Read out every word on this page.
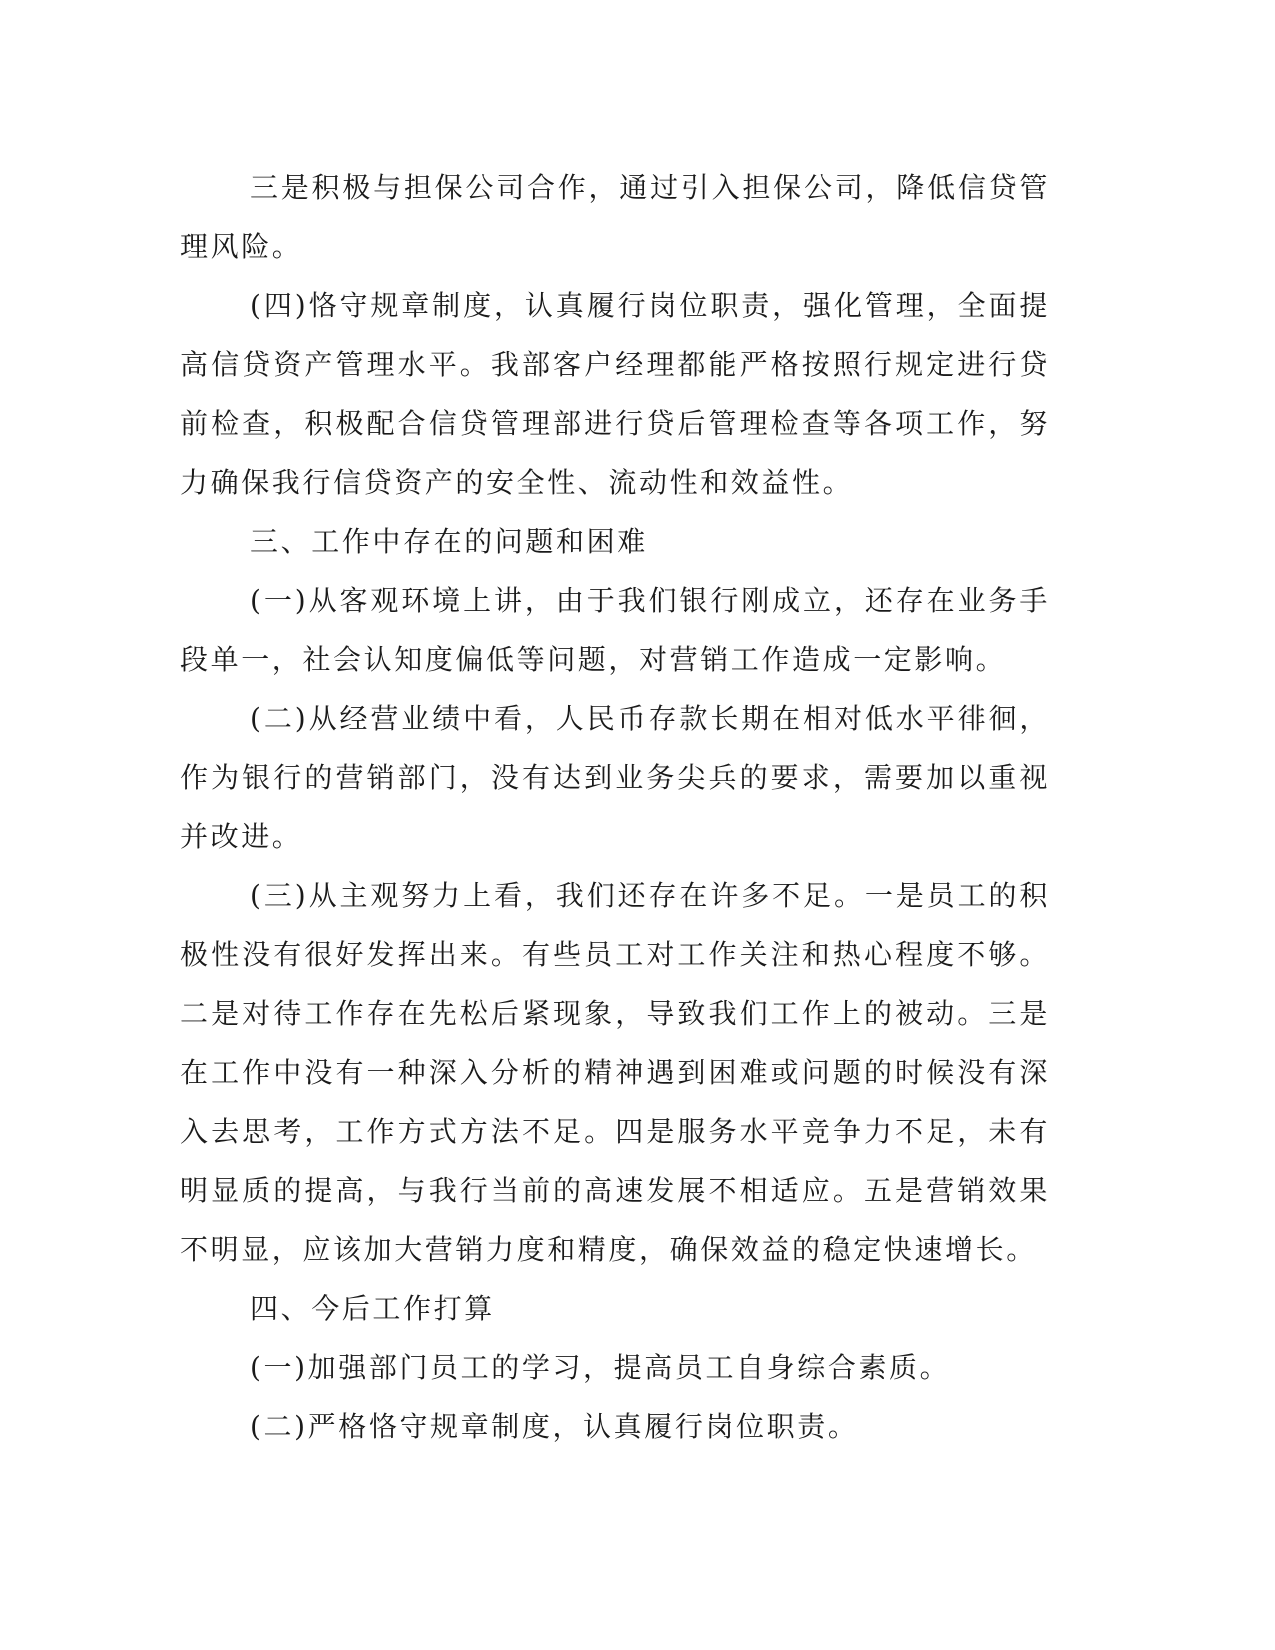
三是积极与担保公司合作，通过引入担保公司，降低信贷管理风险。

(四)恪守规章制度，认真履行岗位职责，强化管理，全面提高信贷资产管理水平。我部客户经理都能严格按照行规定进行贷前检查，积极配合信贷管理部进行贷后管理检查等各项工作，努力确保我行信贷资产的安全性、流动性和效益性。

三、工作中存在的问题和困难

(一)从客观环境上讲，由于我们银行刚成立，还存在业务手段单一，社会认知度偏低等问题，对营销工作造成一定影响。

(二)从经营业绩中看，人民币存款长期在相对低水平徘徊，作为银行的营销部门，没有达到业务尖兵的要求，需要加以重视并改进。

(三)从主观努力上看，我们还存在许多不足。一是员工的积极性没有很好发挥出来。有些员工对工作关注和热心程度不够。二是对待工作存在先松后紧现象，导致我们工作上的被动。三是在工作中没有一种深入分析的精神遇到困难或问题的时候没有深入去思考，工作方式方法不足。四是服务水平竞争力不足，未有明显质的提高，与我行当前的高速发展不相适应。五是营销效果不明显，应该加大营销力度和精度，确保效益的稳定快速增长。

四、今后工作打算

(一)加强部门员工的学习，提高员工自身综合素质。

(二)严格恪守规章制度，认真履行岗位职责。
